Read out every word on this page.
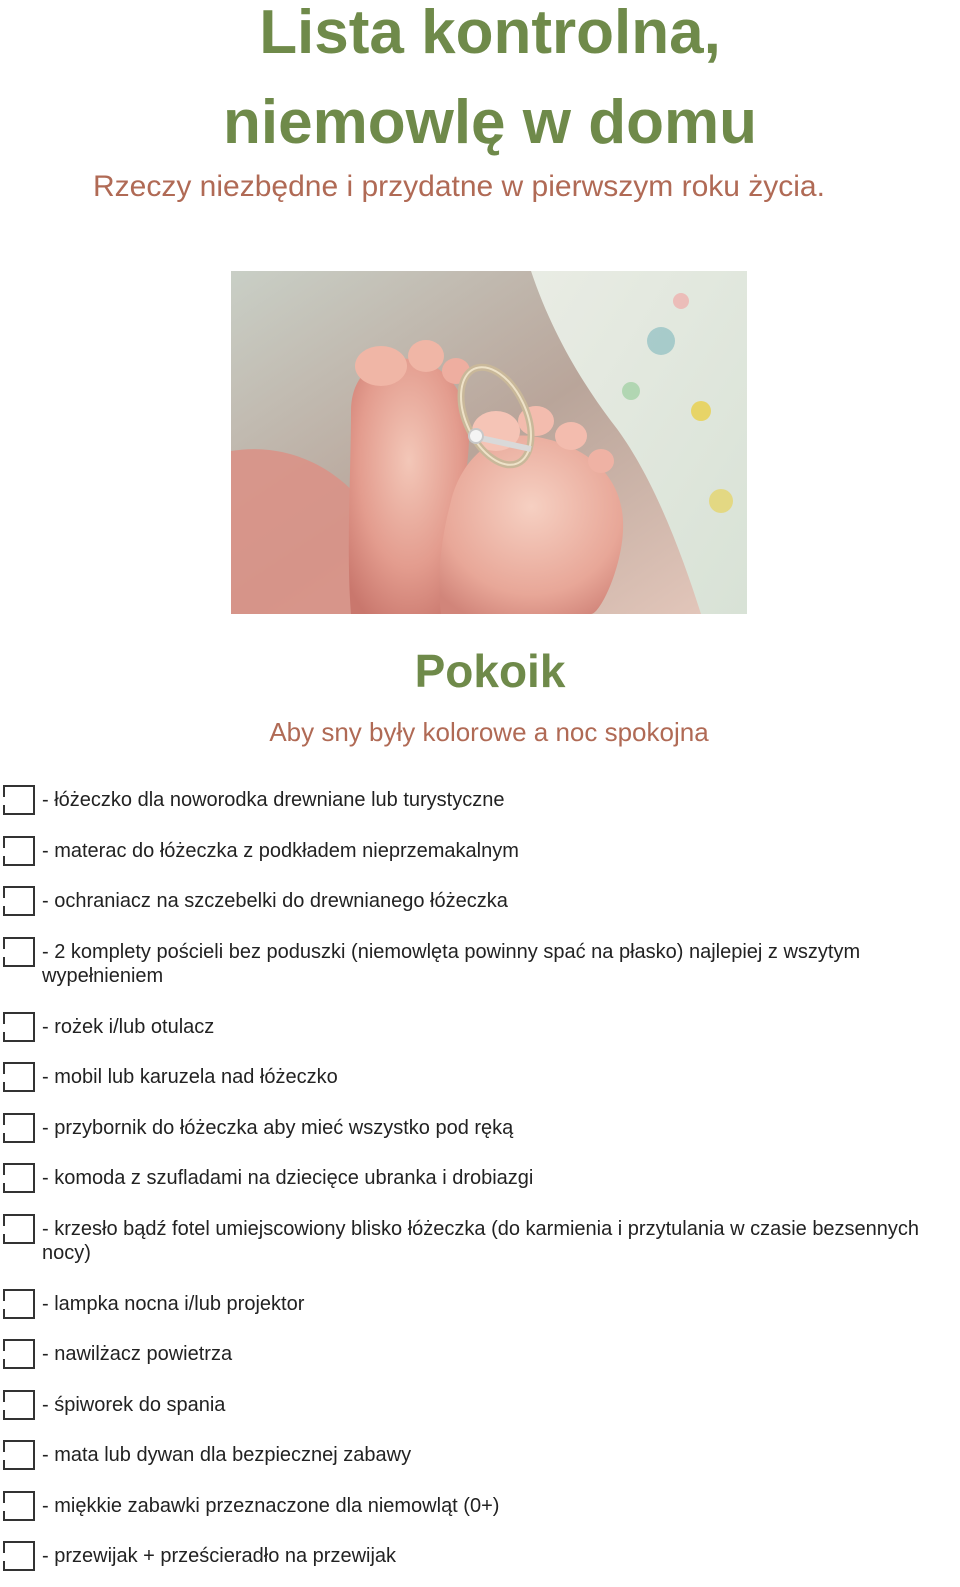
Lista kontrolna,
niemowlę w domu

Rzeczy niezbędne i przydatne w pierwszym roku życia.

Pokoik

Aby sny były kolorowe a noc spokojna

- łóżeczko dla noworodka drewniane lub turystyczne
- materac do łóżeczka z podkładem nieprzemakalnym
- ochraniacz na szczebelki do drewnianego łóżeczka
- 2 komplety pościeli bez poduszki (niemowlęta powinny spać na płasko) najlepiej z wszytym wypełnieniem
- rożek i/lub otulacz
- mobil lub karuzela nad łóżeczko
- przybornik do łóżeczka aby mieć wszystko pod ręką
- komoda z szufladami na dziecięce ubranka i drobiazgi
- krzesło bądź fotel umiejscowiony blisko łóżeczka (do karmienia i przytulania w czasie bezsennych nocy)
- lampka nocna i/lub projektor
- nawilżacz powietrza
- śpiworek do spania
- mata lub dywan dla bezpiecznej zabawy
- miękkie zabawki przeznaczone dla niemowląt (0+)
- przewijak + prześcieradło na przewijak
